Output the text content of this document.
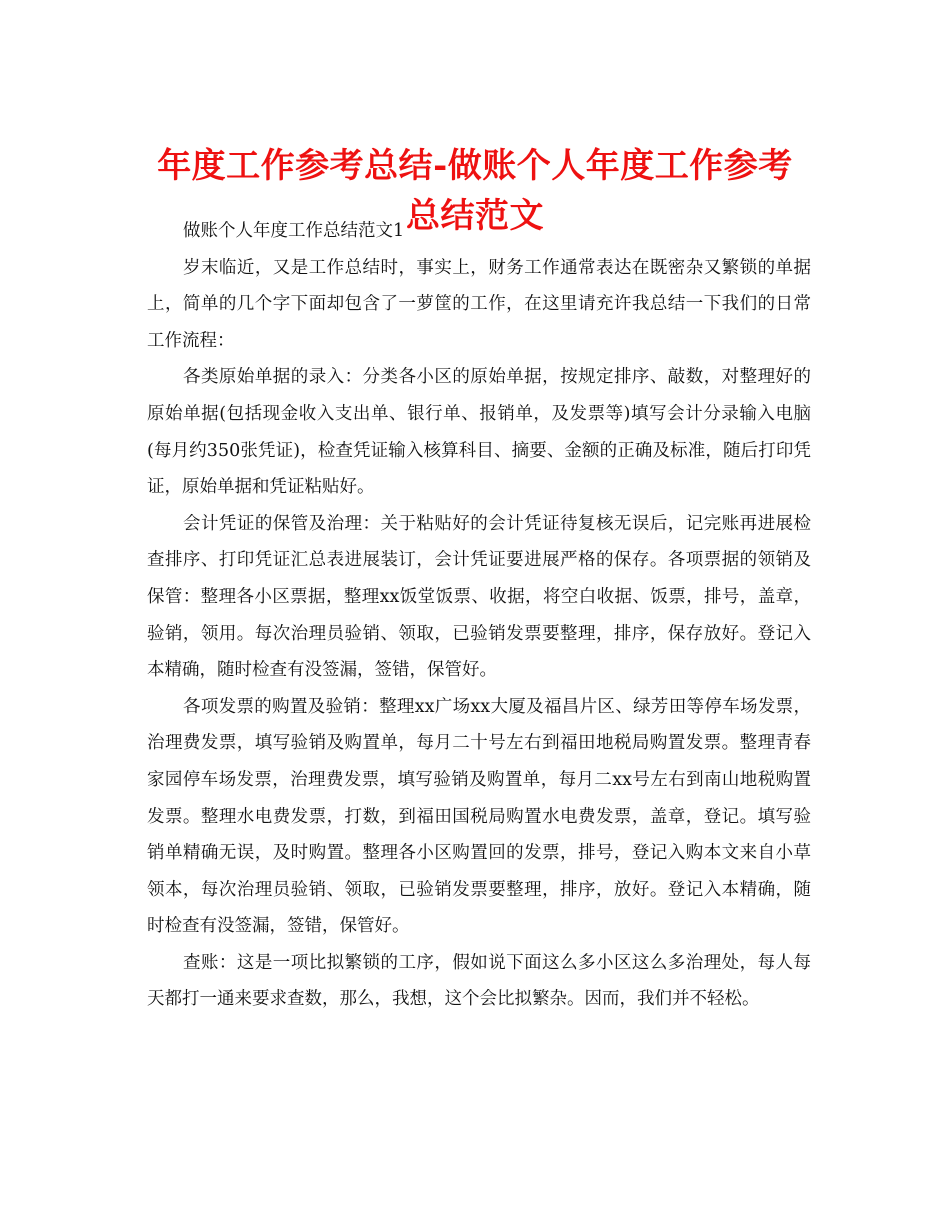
年度工作参考总结-做账个人年度工作参考总结范文

做账个人年度工作总结范文1

岁末临近，又是工作总结时，事实上，财务工作通常表达在既密杂又繁锁的单据上，简单的几个字下面却包含了一萝筐的工作，在这里请充许我总结一下我们的日常工作流程：

各类原始单据的录入：分类各小区的原始单据，按规定排序、敲数，对整理好的原始单据(包括现金收入支出单、银行单、报销单，及发票等)填写会计分录输入电脑(每月约350张凭证)，检查凭证输入核算科目、摘要、金额的正确及标准，随后打印凭证，原始单据和凭证粘贴好。

会计凭证的保管及治理：关于粘贴好的会计凭证待复核无误后，记完账再进展检查排序、打印凭证汇总表进展装订，会计凭证要进展严格的保存。各项票据的领销及保管：整理各小区票据，整理xx饭堂饭票、收据，将空白收据、饭票，排号，盖章，验销，领用。每次治理员验销、领取，已验销发票要整理，排序，保存放好。登记入本精确，随时检查有没签漏，签错，保管好。

各项发票的购置及验销：整理xx广场xx大厦及福昌片区、绿芳田等停车场发票，治理费发票，填写验销及购置单，每月二十号左右到福田地税局购置发票。整理青春家园停车场发票，治理费发票，填写验销及购置单，每月二xx号左右到南山地税购置发票。整理水电费发票，打数，到福田国税局购置水电费发票，盖章，登记。填写验销单精确无误，及时购置。整理各小区购置回的发票，排号，登记入购本文来自小草领本，每次治理员验销、领取，已验销发票要整理，排序，放好。登记入本精确，随时检查有没签漏，签错，保管好。

查账：这是一项比拟繁锁的工序，假如说下面这么多小区这么多治理处，每人每天都打一通来要求查数，那么，我想，这个会比拟繁杂。因而，我们并不轻松。
